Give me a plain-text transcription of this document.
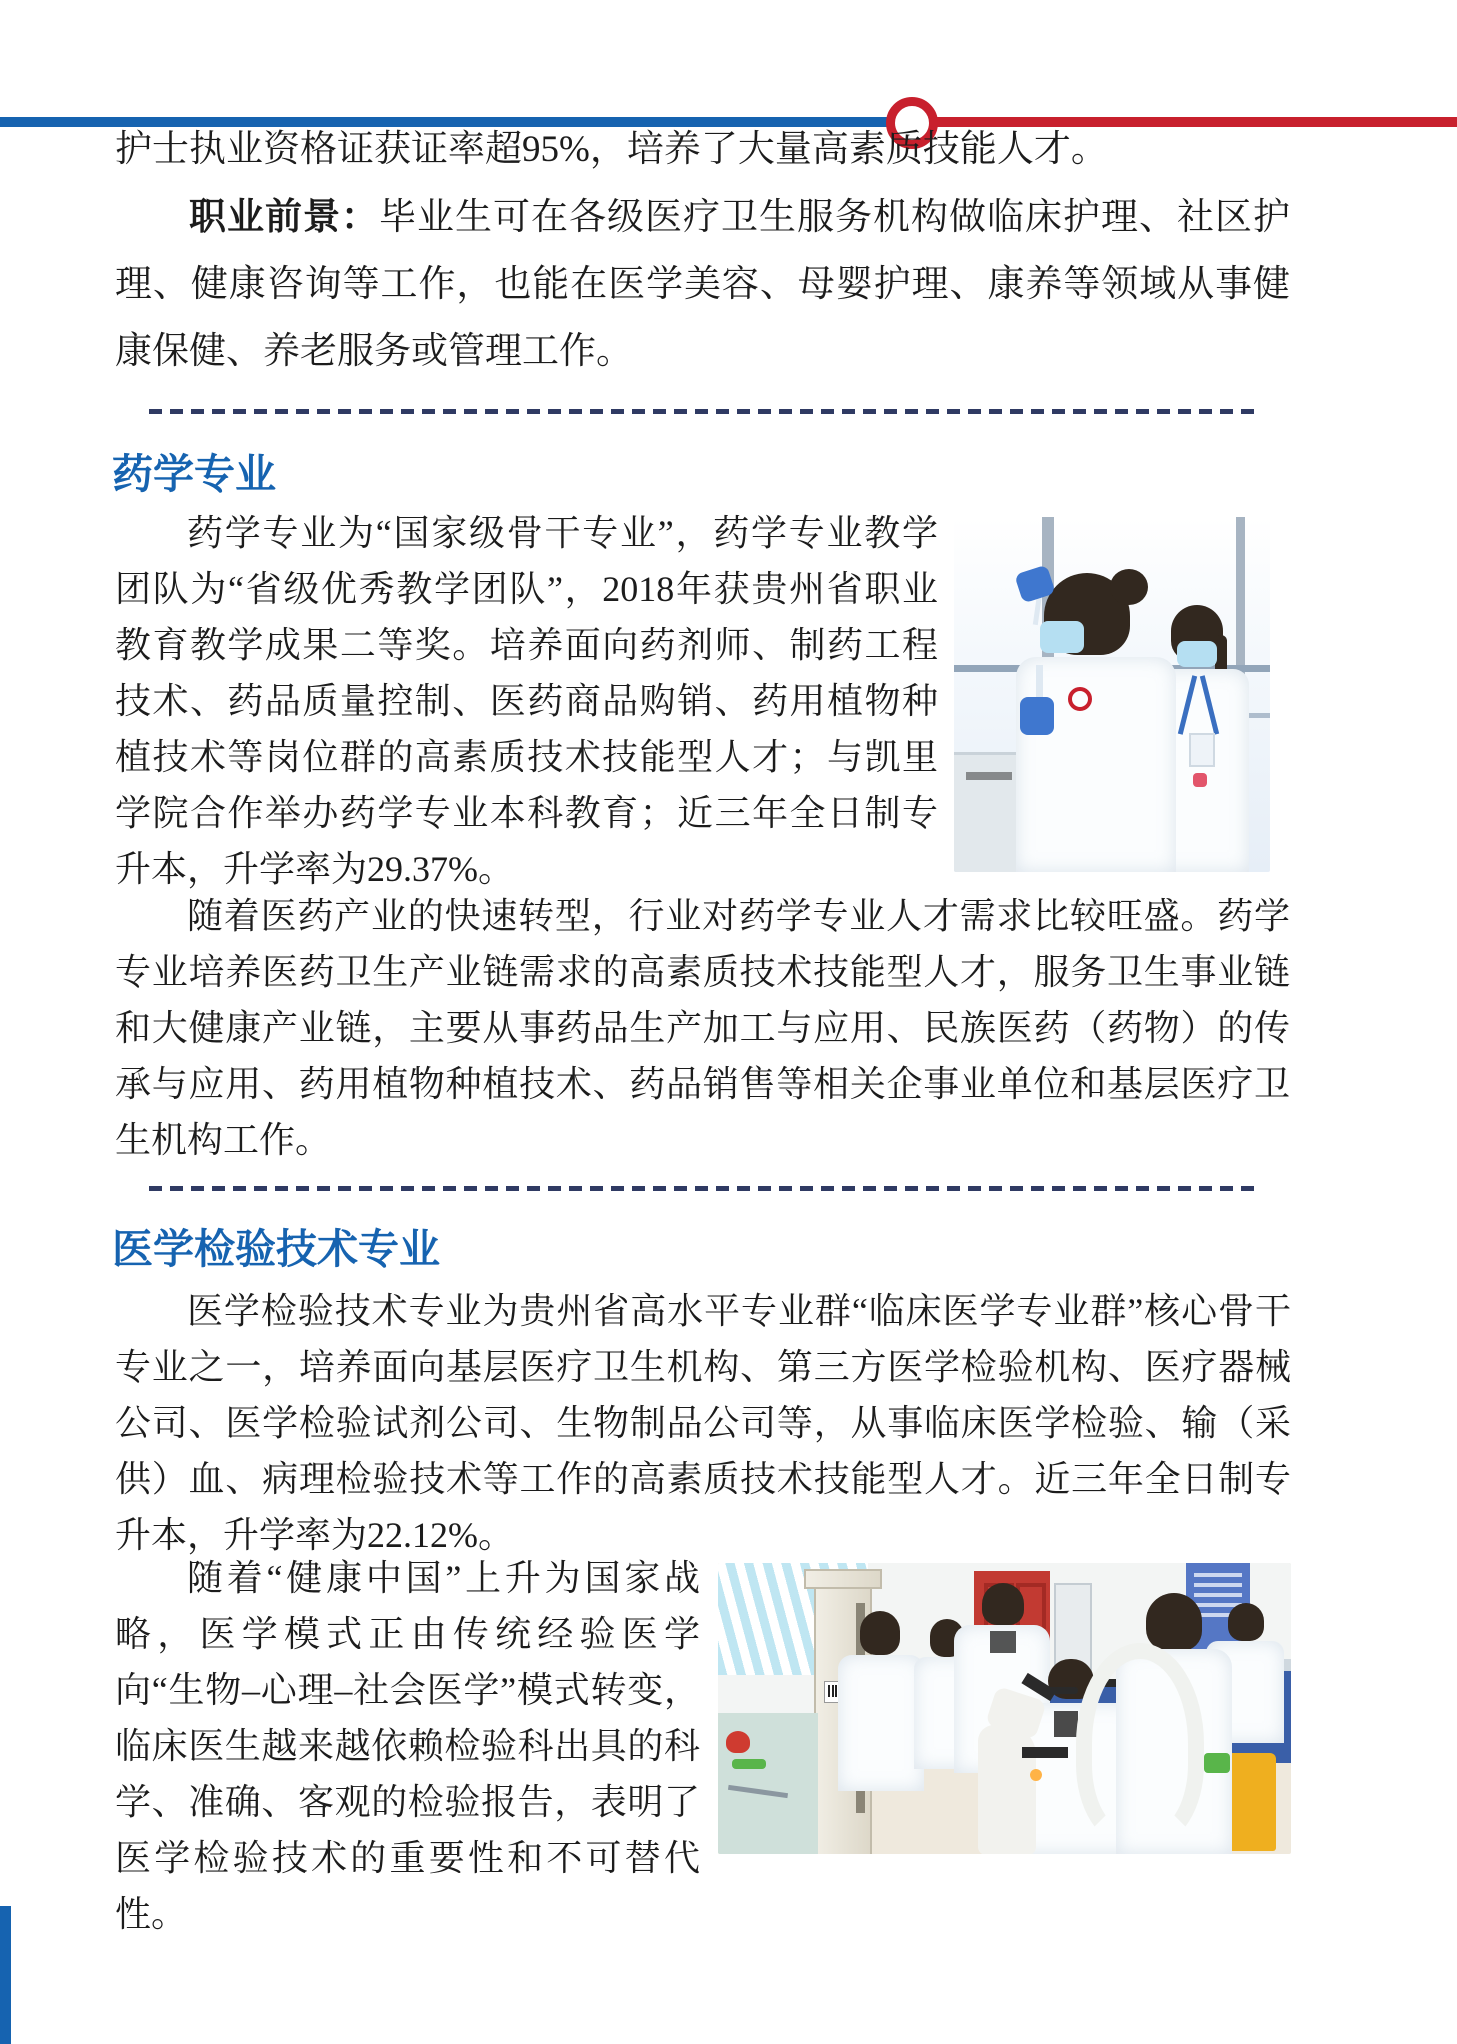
护士执业资格证获证率超95%，培养了大量高素质技能人才。

职业前景：毕业生可在各级医疗卫生服务机构做临床护理、社区护理、健康咨询等工作，也能在医学美容、母婴护理、康养等领域从事健康保健、养老服务或管理工作。

药学专业

药学专业为“国家级骨干专业”，药学专业教学团队为“省级优秀教学团队”，2018年获贵州省职业教育教学成果二等奖。培养面向药剂师、制药工程技术、药品质量控制、医药商品购销、药用植物种植技术等岗位群的高素质技术技能型人才；与凯里学院合作举办药学专业本科教育；近三年全日制专升本，升学率为29.37%。

随着医药产业的快速转型，行业对药学专业人才需求比较旺盛。药学专业培养医药卫生产业链需求的高素质技术技能型人才，服务卫生事业链和大健康产业链，主要从事药品生产加工与应用、民族医药（药物）的传承与应用、药用植物种植技术、药品销售等相关企事业单位和基层医疗卫生机构工作。

医学检验技术专业

医学检验技术专业为贵州省高水平专业群“临床医学专业群”核心骨干专业之一，培养面向基层医疗卫生机构、第三方医学检验机构、医疗器械公司、医学检验试剂公司、生物制品公司等，从事临床医学检验、输（采供）血、病理检验技术等工作的高素质技术技能型人才。近三年全日制专升本，升学率为22.12%。

随着“健康中国”上升为国家战略，医学模式正由传统经验医学向“生物–心理–社会医学”模式转变，临床医生越来越依赖检验科出具的科学、准确、客观的检验报告，表明了医学检验技术的重要性和不可替代性。
